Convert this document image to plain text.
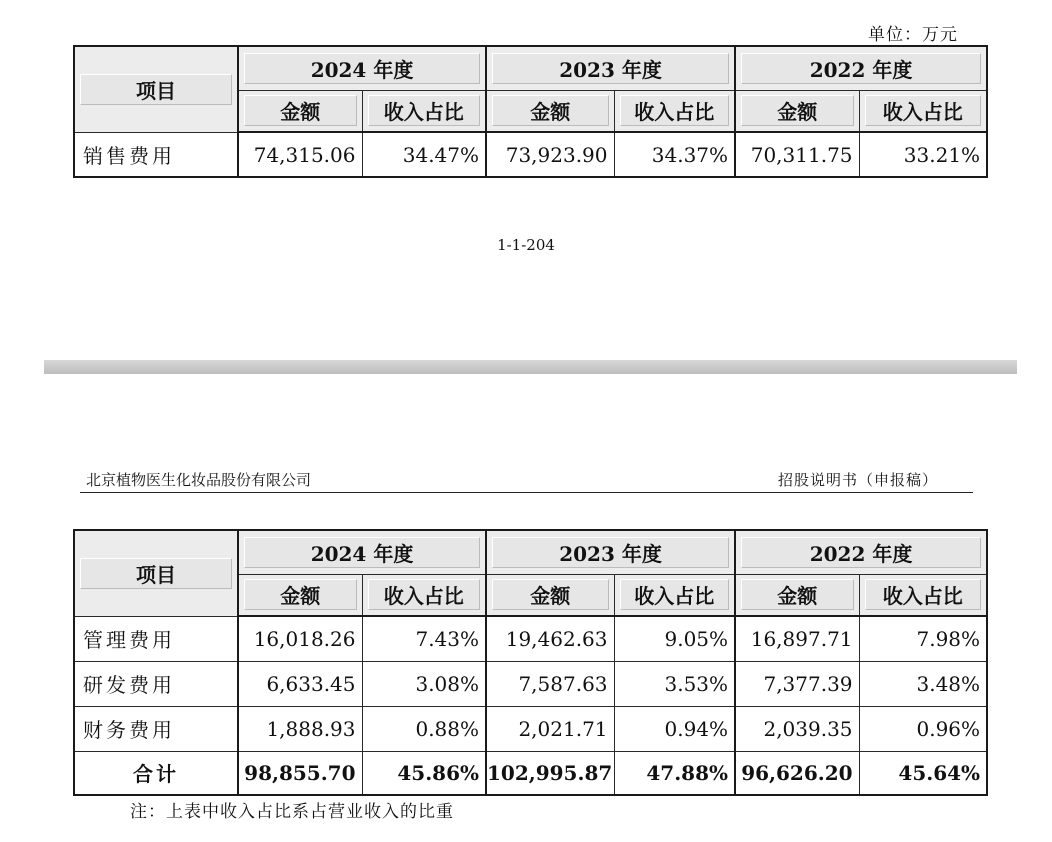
单位：万元
项目	2024 年度		2023 年度		2022 年度	

	金额	收入占比	金额	收入占比	金额	收入占比

销售费用	74,315.06	34.47%	73,923.90	34.37%	70,311.75	33.21%
1-1-204
北京植物医生化妆品股份有限公司	招股说明书（申报稿）
项目	2024 年度		2023 年度		2022 年度	

	金额	收入占比	金额	收入占比	金额	收入占比

管理费用	16,018.26	7.43%	19,462.63	9.05%	16,897.71	7.98%
研发费用	6,633.45	3.08%	7,587.63	3.53%	7,377.39	3.48%
财务费用	1,888.93	0.88%	2,021.71	0.94%	2,039.35	0.96%
合计	98,855.70	45.86%	102,995.87	47.88%	96,626.20	45.64%
注：上表中收入占比系占营业收入的比重
